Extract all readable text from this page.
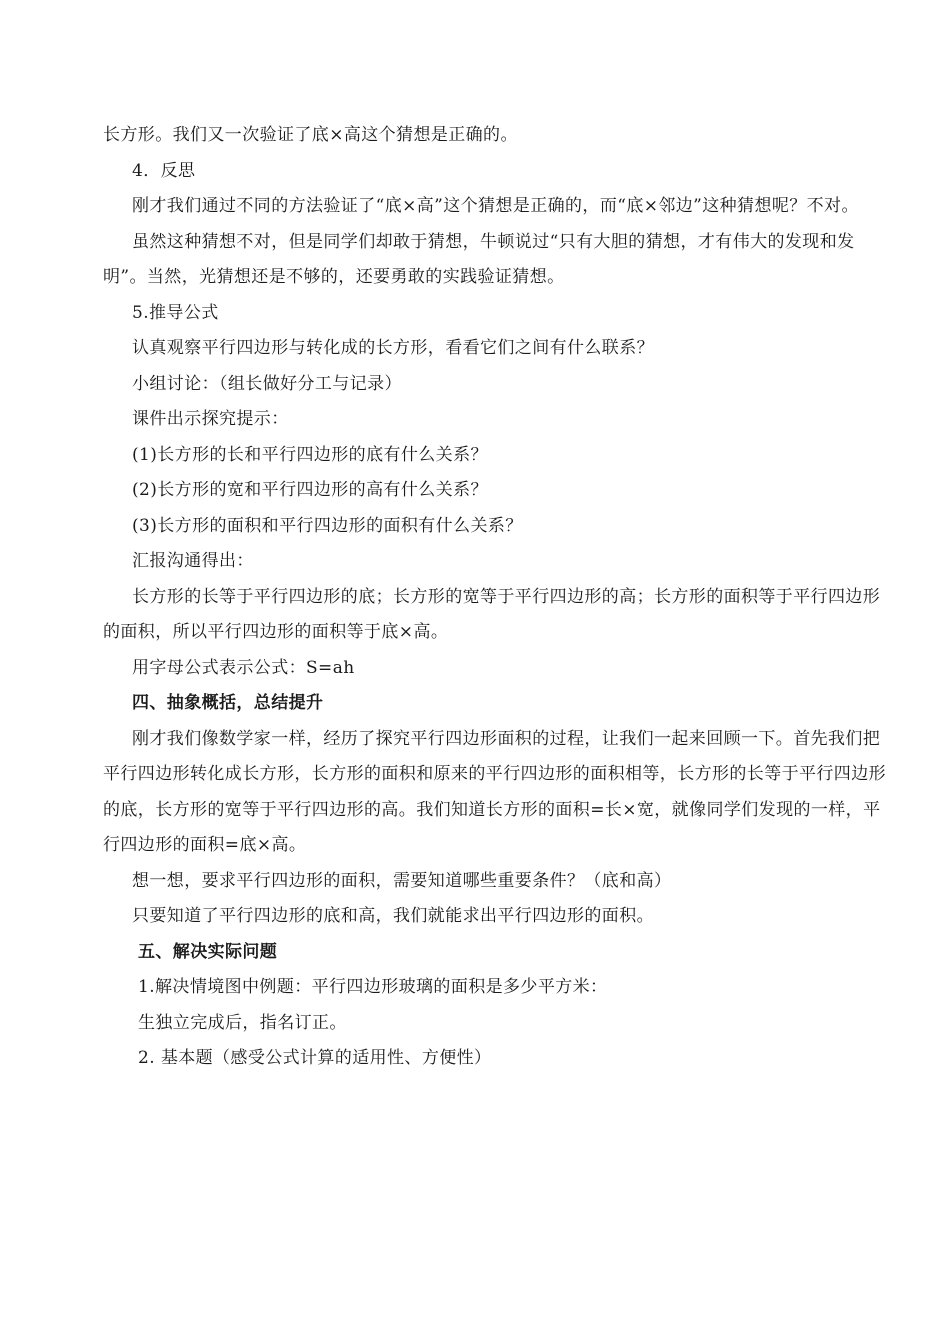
长方形。我们又一次验证了底×高这个猜想是正确的。

4．反思

刚才我们通过不同的方法验证了“底×高”这个猜想是正确的，而“底×邻边”这种猜想呢？不对。

虽然这种猜想不对，但是同学们却敢于猜想，牛顿说过“只有大胆的猜想，才有伟大的发现和发明”。当然，光猜想还是不够的，还要勇敢的实践验证猜想。

5.推导公式

认真观察平行四边形与转化成的长方形，看看它们之间有什么联系？

小组讨论：（组长做好分工与记录）

课件出示探究提示：

(1)长方形的长和平行四边形的底有什么关系？

(2)长方形的宽和平行四边形的高有什么关系？

(3)长方形的面积和平行四边形的面积有什么关系？

汇报沟通得出：

长方形的长等于平行四边形的底；长方形的宽等于平行四边形的高；长方形的面积等于平行四边形的面积，所以平行四边形的面积等于底×高。

用字母公式表示公式：S=ah

四、抽象概括，总结提升

刚才我们像数学家一样，经历了探究平行四边形面积的过程，让我们一起来回顾一下。首先我们把平行四边形转化成长方形，长方形的面积和原来的平行四边形的面积相等，长方形的长等于平行四边形的底，长方形的宽等于平行四边形的高。我们知道长方形的面积=长×宽，就像同学们发现的一样，平行四边形的面积=底×高。

想一想，要求平行四边形的面积，需要知道哪些重要条件？（底和高）

只要知道了平行四边形的底和高，我们就能求出平行四边形的面积。

五、解决实际问题

1.解决情境图中例题：平行四边形玻璃的面积是多少平方米：

生独立完成后，指名订正。

2. 基本题（感受公式计算的适用性、方便性）
